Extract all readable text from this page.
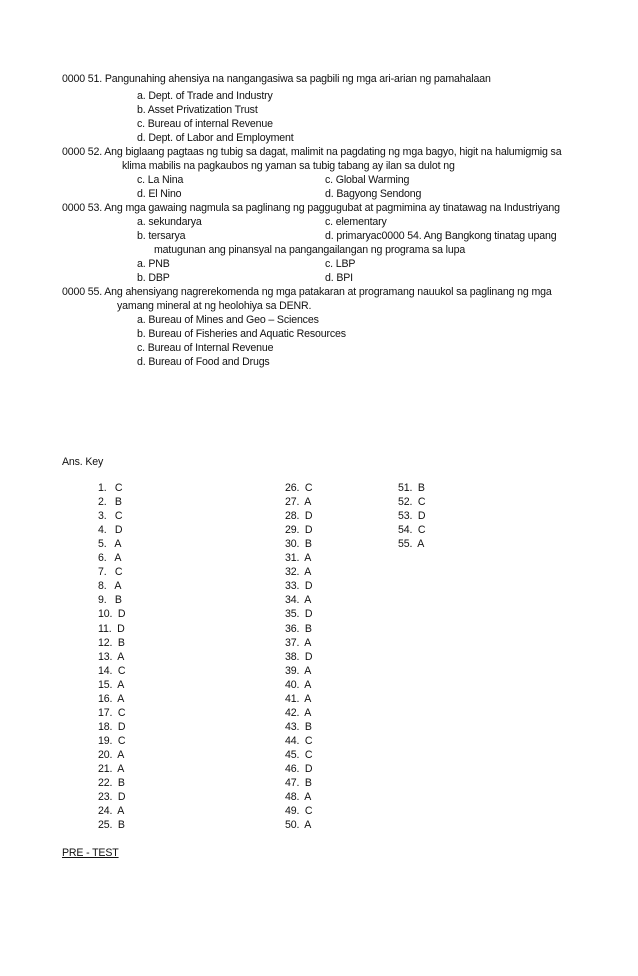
0000 51. Pangunahing ahensiya na nangangasiwa sa pagbili ng mga ari-arian ng pamahalaan
a. Dept. of Trade and Industry
b. Asset Privatization Trust
c. Bureau of internal Revenue
d. Dept. of Labor and Employment
0000 52. Ang biglaang pagtaas ng tubig sa dagat, malimit na pagdating ng mga bagyo, higit na halumigmig sa
klima mabilis na pagkaubos ng yaman sa tubig tabang ay ilan sa dulot ng
c. La Nina	c. Global Warming
d. El Nino	d. Bagyong Sendong
0000 53. Ang mga gawaing nagmula sa paglinang ng paggugubat at pagmimina ay tinatawag na Industriyang
a. sekundarya	c. elementary
b. tersarya	d. primaryac0000 54. Ang Bangkong tinatag upang
matugunan ang pinansyal na pangangailangan ng programa sa lupa
a. PNB	c. LBP
b. DBP	d. BPI
0000 55. Ang ahensiyang nagrerekomenda ng mga patakaran at programang nauukol sa paglinang ng mga
yamang mineral at ng heolohiya sa DENR.
a. Bureau of Mines and Geo – Sciences
b. Bureau of Fisheries and Aquatic Resources
c. Bureau of Internal Revenue
d. Bureau of Food and Drugs
Ans. Key
1.   C
2.   B
3.   C
4.   D
5.   A
6.   A
7.   C
8.   A
9.   B
10.  D
11.  D
12.  B
13.  A
14.  C
15.  A
16.  A
17.  C
18.  D
19.  C
20.  A
21.  A
22.  B
23.  D
24.  A
25.  B
26.  C
27.  A
28.  D
29.  D
30.  B
31.  A
32.  A
33.  D
34.  A
35.  D
36.  B
37.  A
38.  D
39.  A
40.  A
41.  A
42.  A
43.  B
44.  C
45.  C
46.  D
47.  B
48.  A
49.  C
50.  A
51.  B
52.  C
53.  D
54.  C
55.  A
PRE - TEST
